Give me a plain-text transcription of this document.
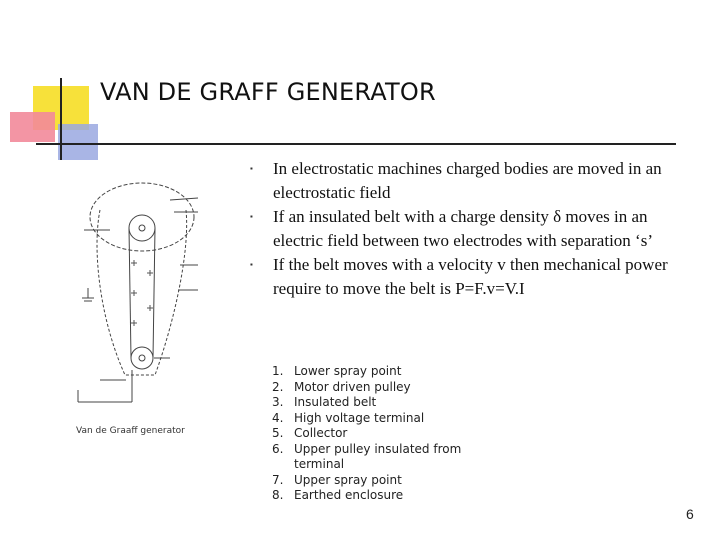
VAN DE GRAFF GENERATOR
▪ In electrostatic machines charged bodies are moved in an electrostatic field
▪ If an insulated belt with a charge density δ moves in an electric field between two electrodes with separation ‘s’
▪ If the belt moves with a velocity v then mechanical power require to move the belt is P=F.v=V.I
Van de Graaff generator
1. Lower spray point
2. Motor driven pulley
3. Insulated belt
4. High voltage terminal
5. Collector
6. Upper pulley insulated from
terminal
7. Upper spray point
8. Earthed enclosure
6
